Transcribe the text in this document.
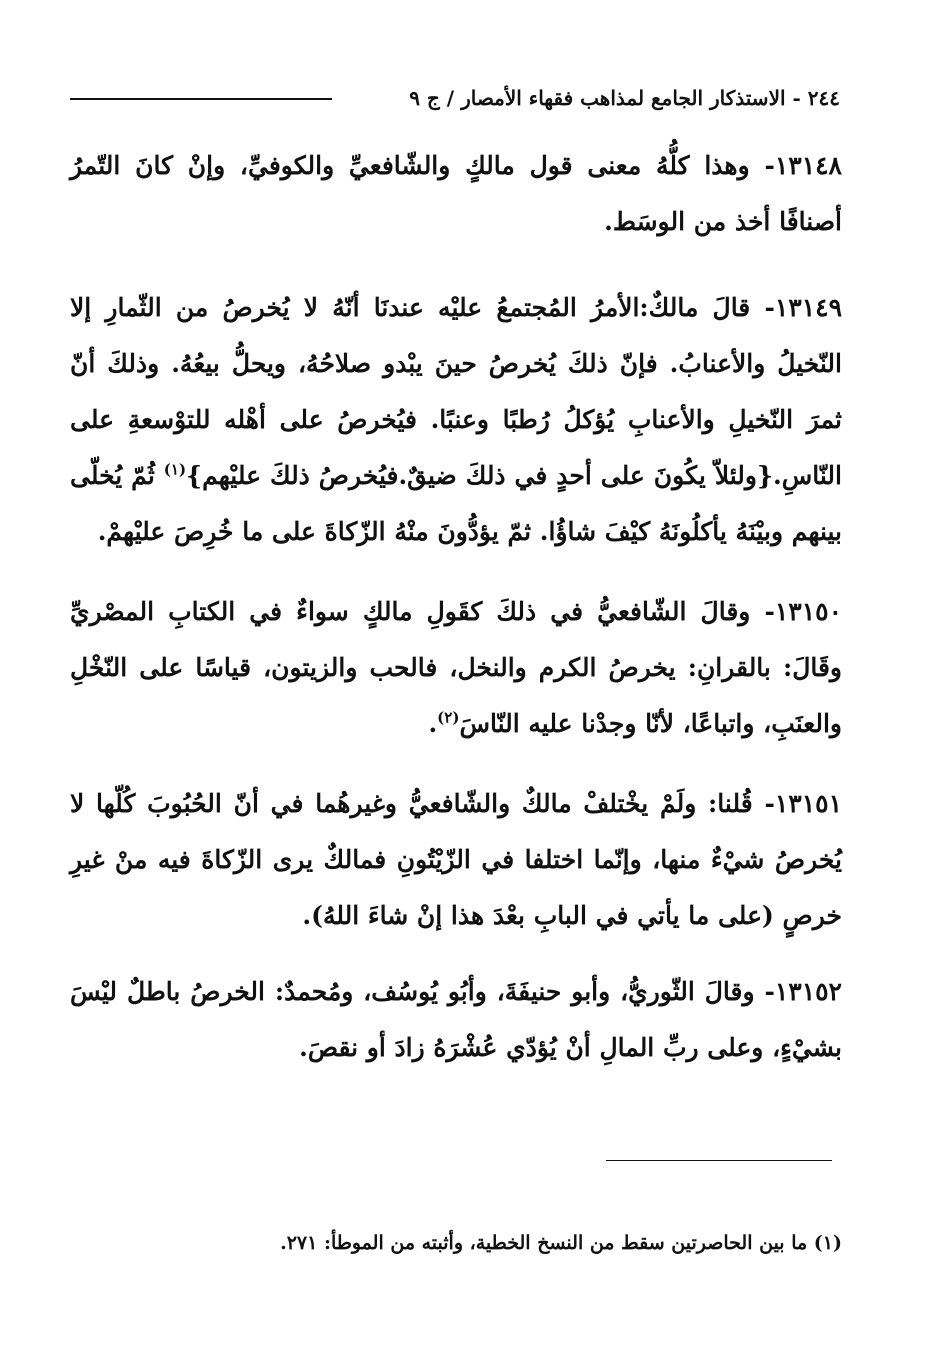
٢٤٤ - الاستذكار الجامع لمذاهب فقهاء الأمصار / ج ٩

١٣١٤٨- وهذا كلُّهُ معنى قول مالكٍ والشّافعيِّ والكوفيِّ، وإنْ كانَ التّمرُ أصنافًا أخذ من الوسَط.

١٣١٤٩- قالَ مالكٌ:الأمرُ المُجتمعُ عليْه عندنَا أنّهُ لا يُخرصُ من الثّمارِ إلا النّخيلُ والأعنابُ. فإنّ ذلكَ يُخرصُ حينَ يبْدو صلاحُهُ، ويحلُّ بيعُهُ. وذلكَ أنّ ثمرَ النّخيلِ والأعنابِ يُؤكلُ رُطبًا وعنبًا. فيُخرصُ على أهْله للتوْسعةِ على النّاسِ.{ولئلاّ يكُونَ على أحدٍ في ذلكَ ضيقٌ.فيُخرصُ ذلكَ عليْهم}$^{(١)}$ ثُمّ يُخلّى بينهم وبيْنَهُ يأكلُونَهُ كيْفَ شاؤُا. ثمّ يؤدُّونَ منْهُ الزّكاةَ على ما خُرِصَ عليْهمْ.

١٣١٥٠- وقالَ الشّافعيُّ في ذلكَ كقَولِ مالكٍ سواءٌ في الكتابِ المصْريِّ وقَالَ: بالقرانِ: يخرصُ الكرم والنخل، فالحب والزيتون، قياسًا على النّخْلِ والعنَبِ، واتباعًا، لأنّا وجدْنا عليه النّاسَ$^{(٢)}$.

١٣١٥١- قُلنا: ولَمْ يخْتلفْ مالكٌ والشّافعيُّ وغيرهُما في أنّ الحُبُوبَ كُلّها لا يُخرصُ شيْءٌ منها، وإنّما اختلفا في الزّيْتُونِ فمالكٌ يرى الزّكاةَ فيه منْ غيرِ خرصٍ (على ما يأتي في البابِ بعْدَ هذا إنْ شاءَ اللهُ).

١٣١٥٢- وقالَ الثّوريُّ، وأبو حنيفَةَ، وأبُو يُوسُف، ومُحمدٌ: الخرصُ باطلٌ ليْسَ بشيْءٍ، وعلى ربِّ المالِ أنْ يُؤدّي عُشْرَهُ زادَ أو نقصَ.

(١) ما بين الحاصرتين سقط من النسخ الخطية، وأثبته من الموطأ: ٢٧١.
